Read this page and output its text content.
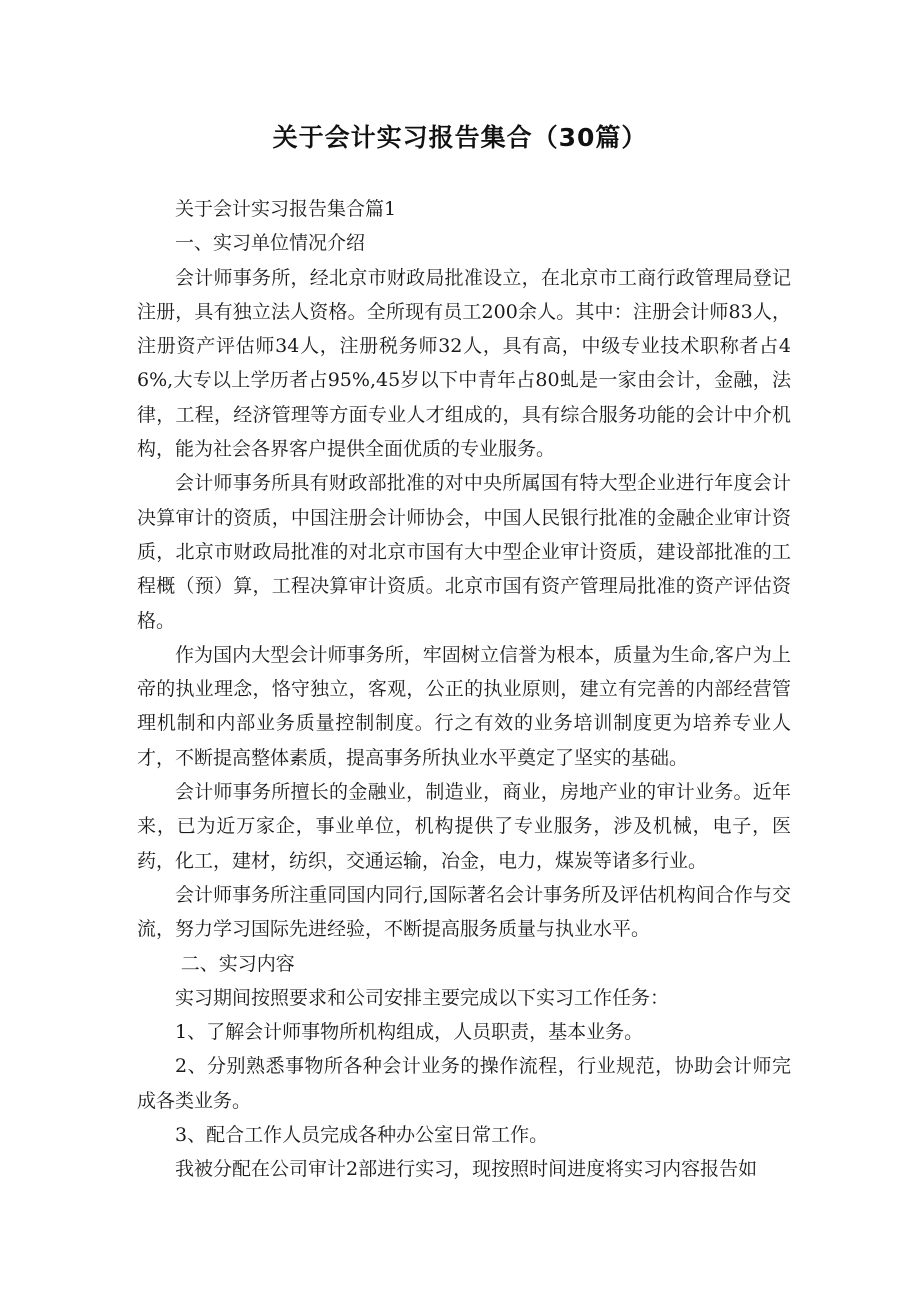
关于会计实习报告集合（30篇）

关于会计实习报告集合篇1

一、实习单位情况介绍

会计师事务所，经北京市财政局批准设立，在北京市工商行政管理局登记注册，具有独立法人资格。全所现有员工200余人。其中：注册会计师83人，注册资产评估师34人，注册税务师32人，具有高，中级专业技术职称者占46%,大专以上学历者占95%,45岁以下中青年占80虬是一家由会计，金融，法律，工程，经济管理等方面专业人才组成的，具有综合服务功能的会计中介机构，能为社会各界客户提供全面优质的专业服务。

会计师事务所具有财政部批准的对中央所属国有特大型企业进行年度会计决算审计的资质，中国注册会计师协会，中国人民银行批准的金融企业审计资质，北京市财政局批准的对北京市国有大中型企业审计资质，建设部批准的工程概（预）算，工程决算审计资质。北京市国有资产管理局批准的资产评估资格。

作为国内大型会计师事务所，牢固树立信誉为根本，质量为生命,客户为上帝的执业理念，恪守独立，客观，公正的执业原则，建立有完善的内部经营管理机制和内部业务质量控制制度。行之有效的业务培训制度更为培养专业人才，不断提高整体素质，提高事务所执业水平奠定了坚实的基础。

会计师事务所擅长的金融业，制造业，商业，房地产业的审计业务。近年来，已为近万家企，事业单位，机构提供了专业服务，涉及机械，电子，医药，化工，建材，纺织，交通运输，冶金，电力，煤炭等诸多行业。

会计师事务所注重同国内同行,国际著名会计事务所及评估机构间合作与交流，努力学习国际先进经验，不断提高服务质量与执业水平。

二、实习内容

实习期间按照要求和公司安排主要完成以下实习工作任务：

1、了解会计师事物所机构组成，人员职责，基本业务。

2、分别熟悉事物所各种会计业务的操作流程，行业规范，协助会计师完成各类业务。

3、配合工作人员完成各种办公室日常工作。

我被分配在公司审计2部进行实习，现按照时间进度将实习内容报告如
